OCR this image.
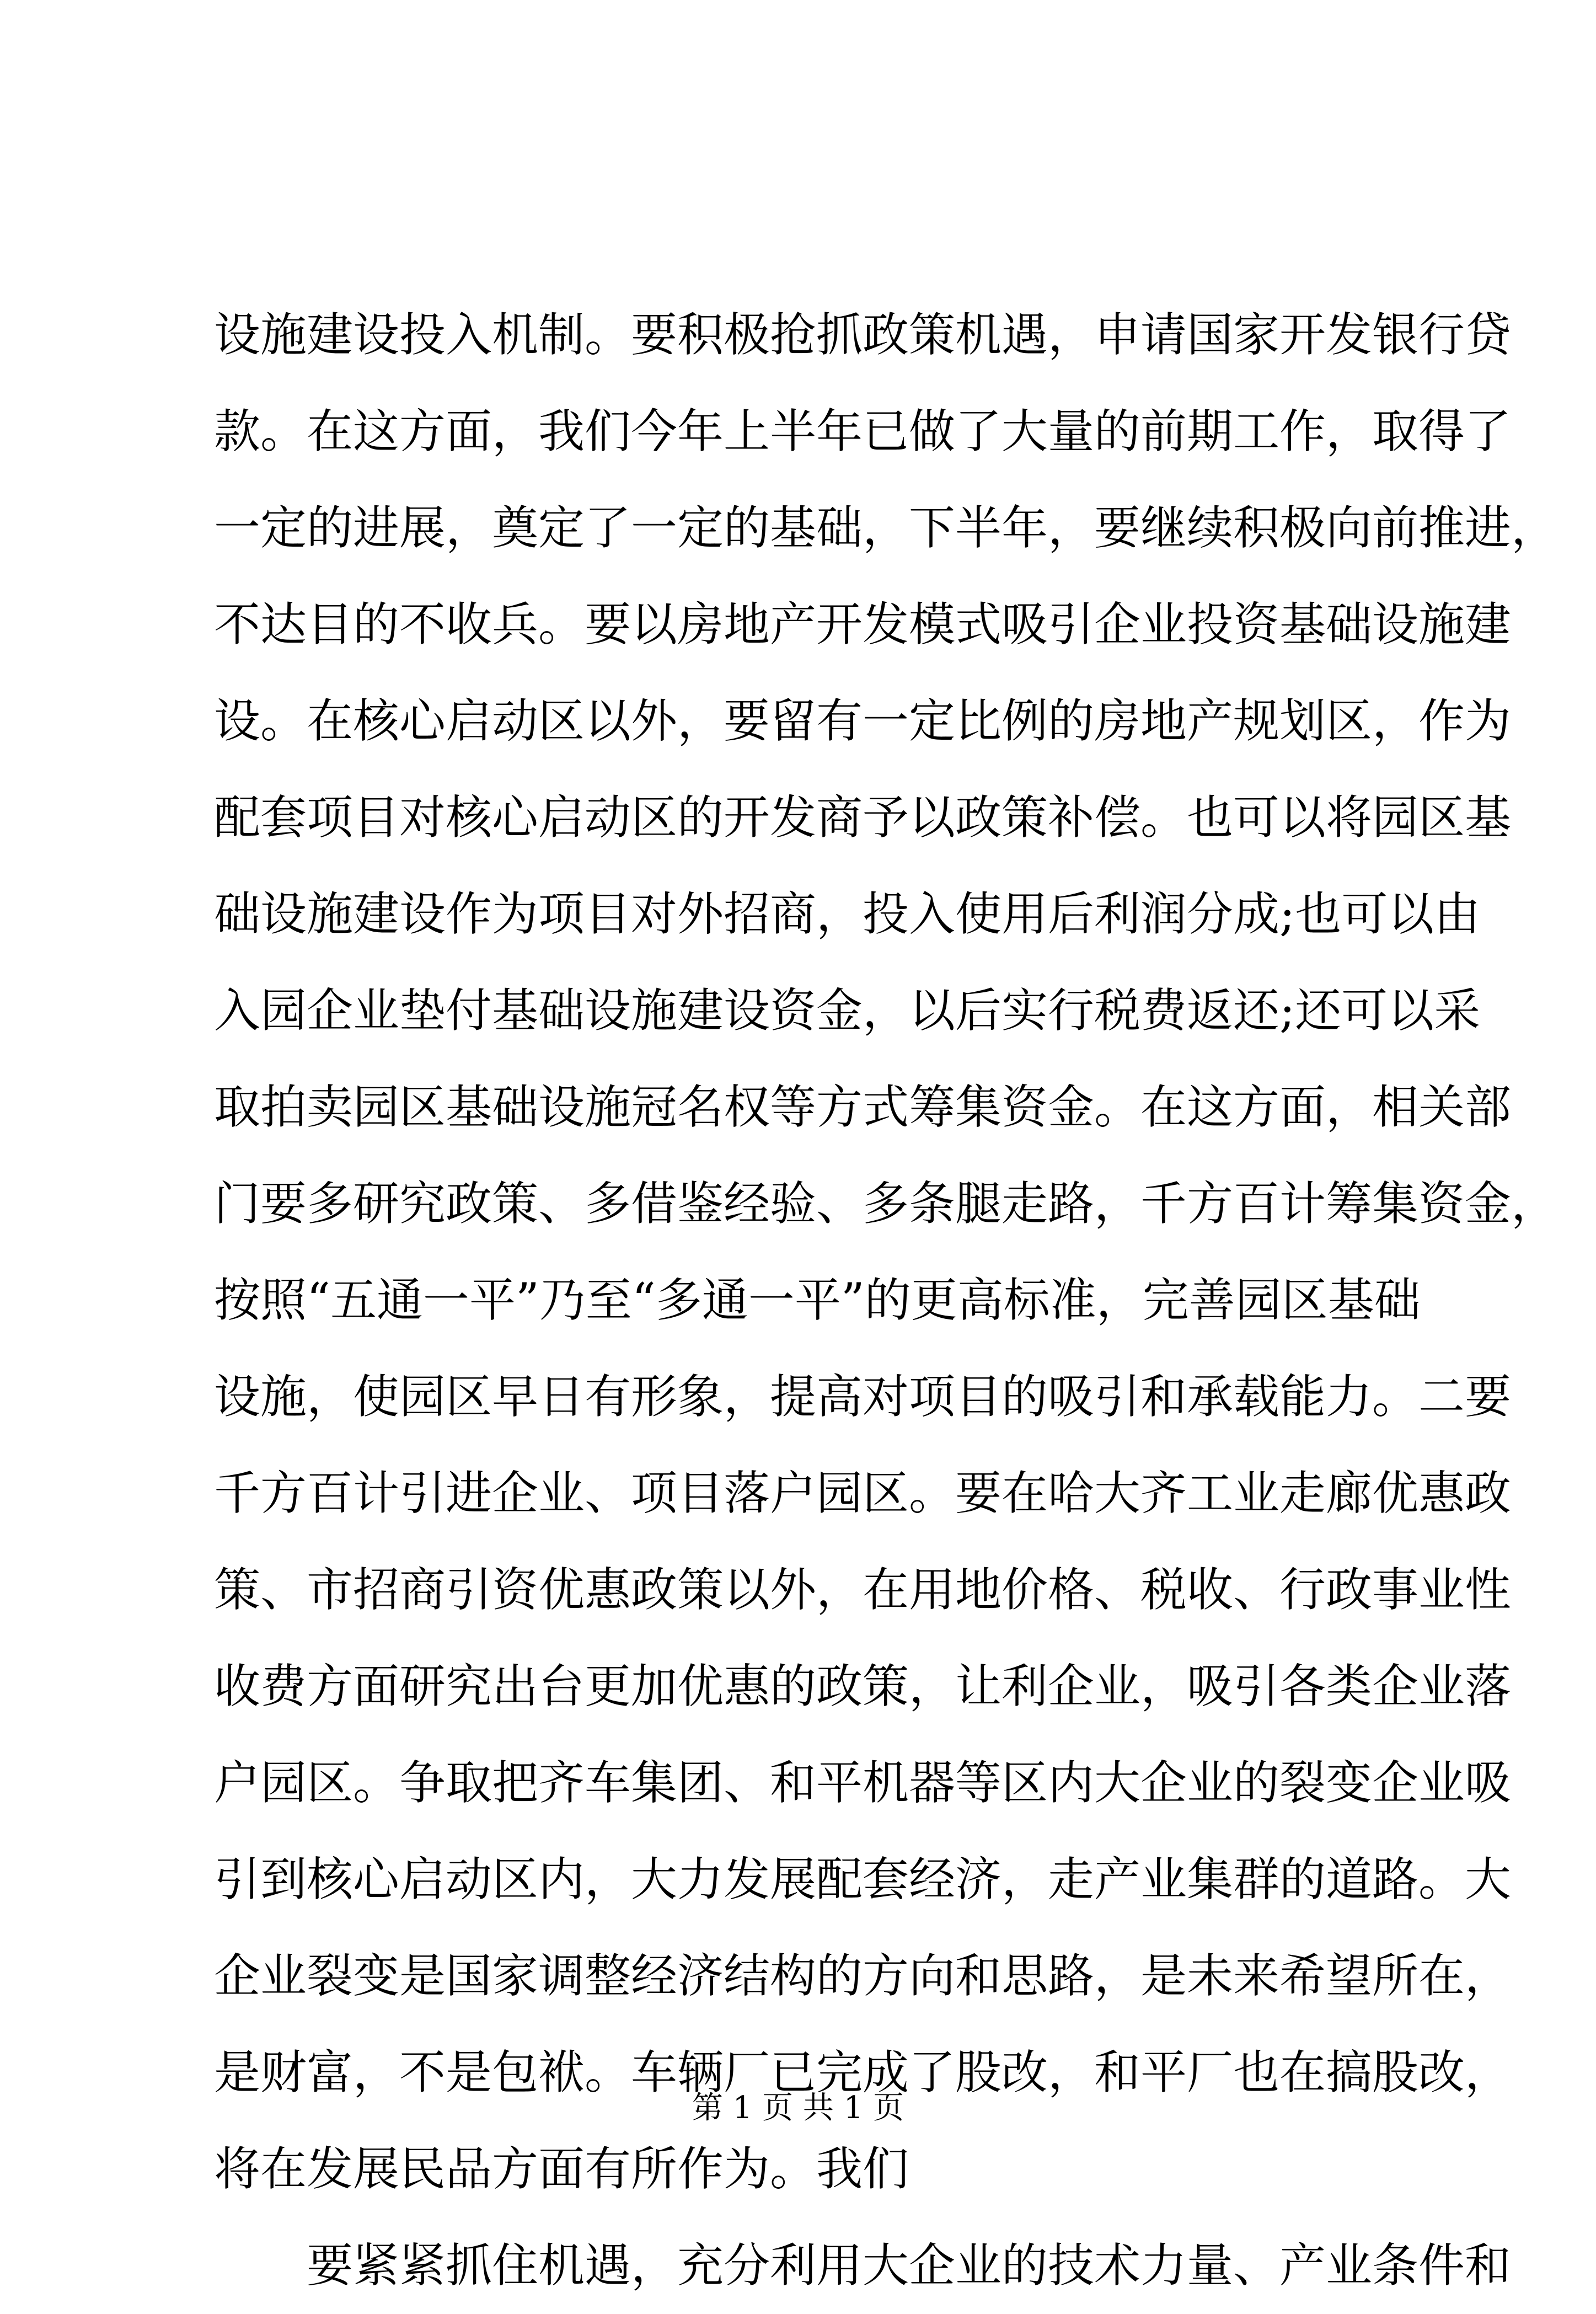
设施建设投入机制。要积极抢抓政策机遇，申请国家开发银行贷
款。在这方面，我们今年上半年已做了大量的前期工作，取得了
一定的进展，奠定了一定的基础，下半年，要继续积极向前推进，
不达目的不收兵。要以房地产开发模式吸引企业投资基础设施建
设。在核心启动区以外，要留有一定比例的房地产规划区，作为
配套项目对核心启动区的开发商予以政策补偿。也可以将园区基
础设施建设作为项目对外招商，投入使用后利润分成;也可以由
入园企业垫付基础设施建设资金，以后实行税费返还;还可以采
取拍卖园区基础设施冠名权等方式筹集资金。在这方面，相关部
门要多研究政策、多借鉴经验、多条腿走路，千方百计筹集资金，
按照“五通一平”乃至“多通一平”的更高标准，完善园区基础
设施，使园区早日有形象，提高对项目的吸引和承载能力。二要
千方百计引进企业、项目落户园区。要在哈大齐工业走廊优惠政
策、市招商引资优惠政策以外，在用地价格、税收、行政事业性
收费方面研究出台更加优惠的政策，让利企业，吸引各类企业落
户园区。争取把齐车集团、和平机器等区内大企业的裂变企业吸
引到核心启动区内，大力发展配套经济，走产业集群的道路。大
企业裂变是国家调整经济结构的方向和思路，是未来希望所在，
是财富，不是包袱。车辆厂已完成了股改，和平厂也在搞股改，
将在发展民品方面有所作为。我们
要紧紧抓住机遇，充分利用大企业的技术力量、产业条件和
第 1 页 共 1 页
